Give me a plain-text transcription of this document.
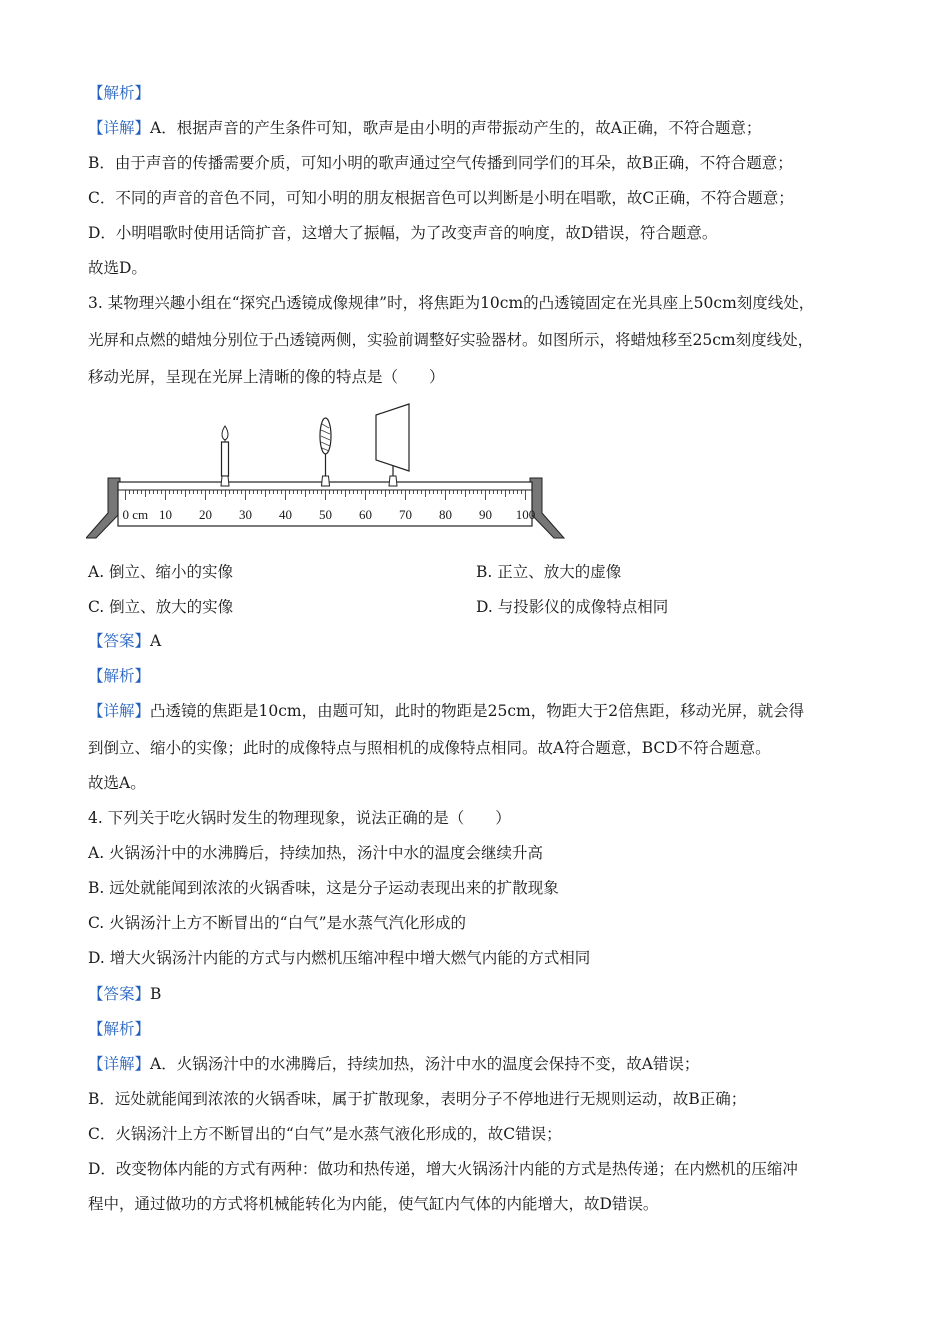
【解析】
【详解】A．根据声音的产生条件可知，歌声是由小明的声带振动产生的，故A正确，不符合题意；
B．由于声音的传播需要介质，可知小明的歌声通过空气传播到同学们的耳朵，故B正确，不符合题意；
C．不同的声音的音色不同，可知小明的朋友根据音色可以判断是小明在唱歌，故C正确，不符合题意；
D．小明唱歌时使用话筒扩音，这增大了振幅，为了改变声音的响度，故D错误，符合题意。
故选D。
3. 某物理兴趣小组在“探究凸透镜成像规律”时，将焦距为10cm的凸透镜固定在光具座上50cm刻度线处，
光屏和点燃的蜡烛分别位于凸透镜两侧，实验前调整好实验器材。如图所示，将蜡烛移至25cm刻度线处，
移动光屏，呈现在光屏上清晰的像的特点是（　　）
0 cm 10 20 30 40 50 60 70 80 90 100
A. 倒立、缩小的实像	B. 正立、放大的虚像
C. 倒立、放大的实像	D. 与投影仪的成像特点相同
【答案】A
【解析】
【详解】凸透镜的焦距是10cm，由题可知，此时的物距是25cm，物距大于2倍焦距，移动光屏，就会得
到倒立、缩小的实像；此时的成像特点与照相机的成像特点相同。故A符合题意，BCD不符合题意。
故选A。
4. 下列关于吃火锅时发生的物理现象，说法正确的是（　　）
A. 火锅汤汁中的水沸腾后，持续加热，汤汁中水的温度会继续升高
B. 远处就能闻到浓浓的火锅香味，这是分子运动表现出来的扩散现象
C. 火锅汤汁上方不断冒出的“白气”是水蒸气汽化形成的
D. 增大火锅汤汁内能的方式与内燃机压缩冲程中增大燃气内能的方式相同
【答案】B
【解析】
【详解】A．火锅汤汁中的水沸腾后，持续加热，汤汁中水的温度会保持不变，故A错误；
B．远处就能闻到浓浓的火锅香味，属于扩散现象，表明分子不停地进行无规则运动，故B正确；
C．火锅汤汁上方不断冒出的“白气”是水蒸气液化形成的，故C错误；
D．改变物体内能的方式有两种：做功和热传递，增大火锅汤汁内能的方式是热传递；在内燃机的压缩冲
程中，通过做功的方式将机械能转化为内能，使气缸内气体的内能增大，故D错误。
